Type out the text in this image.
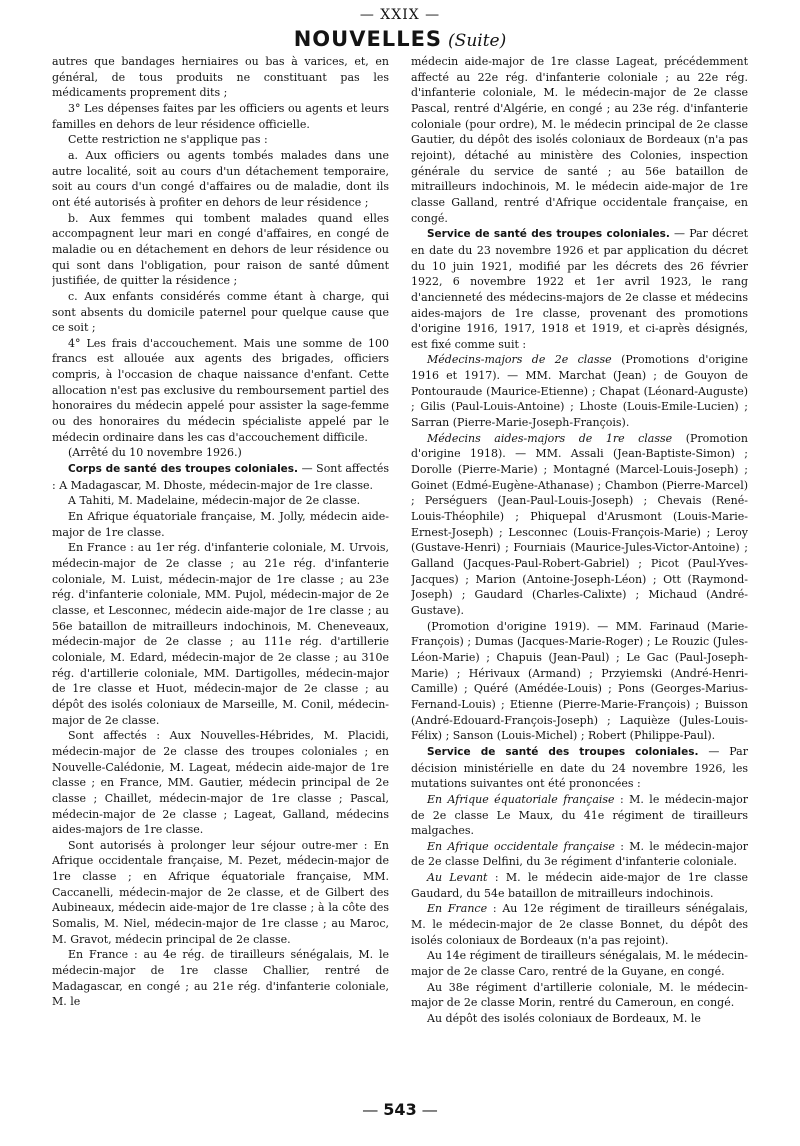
— XXIX —
NOUVELLES (Suite)

autres que bandages herniaires ou bas à varices, et, en général, de tous produits ne constituant pas les médicaments proprement dits ;

3° Les dépenses faites par les officiers ou agents et leurs familles en dehors de leur résidence officielle.

Cette restriction ne s'applique pas :

a. Aux officiers ou agents tombés malades dans une autre localité, soit au cours d'un détachement temporaire, soit au cours d'un congé d'affaires ou de maladie, dont ils ont été autorisés à profiter en dehors de leur résidence ;

b. Aux femmes qui tombent malades quand elles accompagnent leur mari en congé d'affaires, en congé de maladie ou en détachement en dehors de leur résidence ou qui sont dans l'obligation, pour raison de santé dûment justifiée, de quitter la résidence ;

c. Aux enfants considérés comme étant à charge, qui sont absents du domicile paternel pour quelque cause que ce soit ;

4° Les frais d'accouchement. Mais une somme de 100 francs est allouée aux agents des brigades, officiers compris, à l'occasion de chaque naissance d'enfant. Cette allocation n'est pas exclusive du remboursement partiel des honoraires du médecin appelé pour assister la sage-femme ou des honoraires du médecin spécialiste appelé par le médecin ordinaire dans les cas d'accouchement difficile.

(Arrêté du 10 novembre 1926.)

Corps de santé des troupes coloniales. — Sont affectés : A Madagascar, M. Dhoste, médecin-major de 1re classe.

A Tahiti, M. Madelaine, médecin-major de 2e classe.

En Afrique équatoriale française, M. Jolly, médecin aide-major de 1re classe.

En France : au 1er rég. d'infanterie coloniale, M. Urvois, médecin-major de 2e classe ; au 21e rég. d'infanterie coloniale, M. Luist, médecin-major de 1re classe ; au 23e rég. d'infanterie coloniale, MM. Pujol, médecin-major de 2e classe, et Lesconnec, médecin aide-major de 1re classe ; au 56e bataillon de mitrailleurs indochinois, M. Cheneveaux, médecin-major de 2e classe ; au 111e rég. d'artillerie coloniale, M. Edard, médecin-major de 2e classe ; au 310e rég. d'artillerie coloniale, MM. Dartigolles, médecin-major de 1re classe et Huot, médecin-major de 2e classe ; au dépôt des isolés coloniaux de Marseille, M. Conil, médecin-major de 2e classe.

Sont affectés : Aux Nouvelles-Hébrides, M. Placidi, médecin-major de 2e classe des troupes coloniales ; en Nouvelle-Calédonie, M. Lageat, médecin aide-major de 1re classe ; en France, MM. Gautier, médecin principal de 2e classe ; Chaillet, médecin-major de 1re classe ; Pascal, médecin-major de 2e classe ; Lageat, Galland, médecins aides-majors de 1re classe.

Sont autorisés à prolonger leur séjour outre-mer : En Afrique occidentale française, M. Pezet, médecin-major de 1re classe ; en Afrique équatoriale française, MM. Caccanelli, médecin-major de 2e classe, et de Gilbert des Aubineaux, médecin aide-major de 1re classe ; à la côte des Somalis, M. Niel, médecin-major de 1re classe ; au Maroc, M. Gravot, médecin principal de 2e classe.

En France : au 4e rég. de tirailleurs sénégalais, M. le médecin-major de 1re classe Challier, rentré de Madagascar, en congé ; au 21e rég. d'infanterie coloniale, M. le

médecin aide-major de 1re classe Lageat, précédemment affecté au 22e rég. d'infanterie coloniale ; au 22e rég. d'infanterie coloniale, M. le médecin-major de 2e classe Pascal, rentré d'Algérie, en congé ; au 23e rég. d'infanterie coloniale (pour ordre), M. le médecin principal de 2e classe Gautier, du dépôt des isolés coloniaux de Bordeaux (n'a pas rejoint), détaché au ministère des Colonies, inspection générale du service de santé ; au 56e bataillon de mitrailleurs indochinois, M. le médecin aide-major de 1re classe Galland, rentré d'Afrique occidentale française, en congé.

Service de santé des troupes coloniales. — Par décret en date du 23 novembre 1926 et par application du décret du 10 juin 1921, modifié par les décrets des 26 février 1922, 6 novembre 1922 et 1er avril 1923, le rang d'ancienneté des médecins-majors de 2e classe et médecins aides-majors de 1re classe, provenant des promotions d'origine 1916, 1917, 1918 et 1919, et ci-après désignés, est fixé comme suit :

Médecins-majors de 2e classe (Promotions d'origine 1916 et 1917). — MM. Marchat (Jean) ; de Gouyon de Pontouraude (Maurice-Etienne) ; Chapat (Léonard-Auguste) ; Gilis (Paul-Louis-Antoine) ; Lhoste (Louis-Emile-Lucien) ; Sarran (Pierre-Marie-Joseph-François).

Médecins aides-majors de 1re classe (Promotion d'origine 1918). — MM. Assali (Jean-Baptiste-Simon) ; Dorolle (Pierre-Marie) ; Montagné (Marcel-Louis-Joseph) ; Goinet (Edmé-Eugène-Athanase) ; Chambon (Pierre-Marcel) ; Perséguers (Jean-Paul-Louis-Joseph) ; Chevais (René-Louis-Théophile) ; Phiquepal d'Arusmont (Louis-Marie-Ernest-Joseph) ; Lesconnec (Louis-François-Marie) ; Leroy (Gustave-Henri) ; Fourniais (Maurice-Jules-Victor-Antoine) ; Galland (Jacques-Paul-Robert-Gabriel) ; Picot (Paul-Yves-Jacques) ; Marion (Antoine-Joseph-Léon) ; Ott (Raymond-Joseph) ; Gaudard (Charles-Calixte) ; Michaud (André-Gustave).

(Promotion d'origine 1919). — MM. Farinaud (Marie-François) ; Dumas (Jacques-Marie-Roger) ; Le Rouzic (Jules-Léon-Marie) ; Chapuis (Jean-Paul) ; Le Gac (Paul-Joseph-Marie) ; Hérivaux (Armand) ; Przyiemski (André-Henri-Camille) ; Quéré (Amédée-Louis) ; Pons (Georges-Marius-Fernand-Louis) ; Etienne (Pierre-Marie-François) ; Buisson (André-Edouard-François-Joseph) ; Laquièze (Jules-Louis-Félix) ; Sanson (Louis-Michel) ; Robert (Philippe-Paul).

Service de santé des troupes coloniales. — Par décision ministérielle en date du 24 novembre 1926, les mutations suivantes ont été prononcées :

En Afrique équatoriale française : M. le médecin-major de 2e classe Le Maux, du 41e régiment de tirailleurs malgaches.

En Afrique occidentale française : M. le médecin-major de 2e classe Delfini, du 3e régiment d'infanterie coloniale.

Au Levant : M. le médecin aide-major de 1re classe Gaudard, du 54e bataillon de mitrailleurs indochinois.

En France : Au 12e régiment de tirailleurs sénégalais, M. le médecin-major de 2e classe Bonnet, du dépôt des isolés coloniaux de Bordeaux (n'a pas rejoint).

Au 14e régiment de tirailleurs sénégalais, M. le médecin-major de 2e classe Caro, rentré de la Guyane, en congé.

Au 38e régiment d'artillerie coloniale, M. le médecin-major de 2e classe Morin, rentré du Cameroun, en congé.

Au dépôt des isolés coloniaux de Bordeaux, M. le

— 543 —
